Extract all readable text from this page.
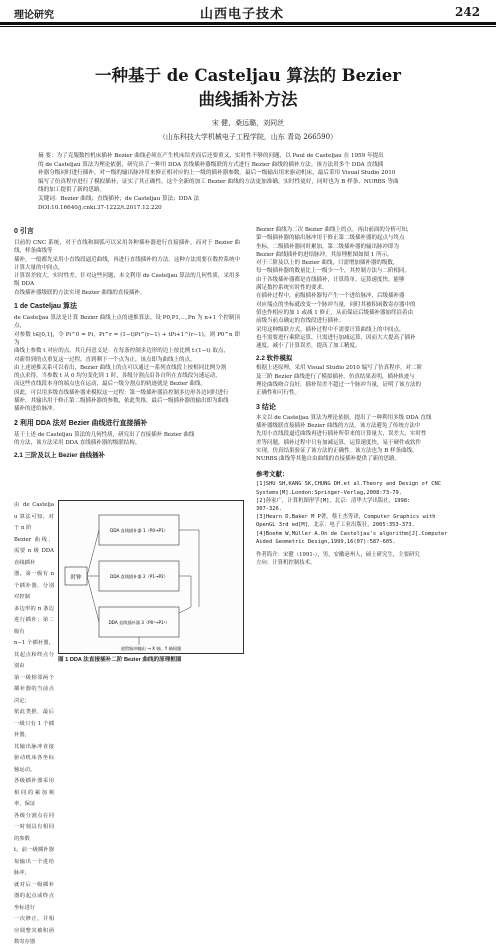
理论研究	山西电子技术	242
一种基于 de Casteljau 算法的 Bezier
曲线插补方法
宋 健，桑远璐，刘同丝
（山东科技大学机械电子工程学院，山东 青岛 266590）
摘 要：为了克服数控机床插补 Bezier 曲线必须在产生机床误差而后还要重又，实时性不够的问题，以 Paul de Casteljau 在 1959 年提出
的 de Casteljau 算法为理论依据，研究出了一种用 DDA 直线插补器级联的方式进行 Bezier 曲线的插补方法。该方法用多个 DDA 直线插
补器分级同时进行插补，对一级的输出脉冲用来修正相对应的上一级的插补器参数。最后一级输出用来驱动机床，最后采用 Visual Studio 2010
编写了仿真程序进行了模拟插补，证实了其正确性。这个全新的加工 Bezier 曲线的方法更加准确、实时性更好，同时也为 B 样条、NURBS 等曲
线的加工提供了新的思路。
关键词：Bezier 曲线；直线插补；de Casteljau 算法；DDA 法
DOI:10.16640/j.cnki.37-1222/t.2017.12.220
0 引言
目前的 CNC 系统，对于直线和圆弧可以采用各种插补器进行直接插补，而对于 Bezier 曲线、样条曲线等
插补，一般都先采用小直线段逼近曲线，再进行直线插补的方法。这种方法需要在数控系统中计算大量的中间点，
计算误差较大，实时性差。针对这些问题，本文利用 de Casteljau 算法的几何性质，采用多级 DDA
直线插补器级联的方法实现 Bezier 曲线的直接插补。
1 de Casteljau 算法
de Casteljau 算法是计算 Bezier 曲线上点的递推算法。设 P0,P1,…,Pn 为 n+1 个控制顶点，
对参数 t∈[0,1]，令 Pi^0 = Pi，Pi^r = (1−t)Pi^(r−1) + tPi+1^(r−1)，则 P0^n 即为
曲线上参数 t 对应的点。其几何意义是：在每条控制多边形的边上按比例 t:(1−t) 取点，
对新得到的点重复这一过程，直到剩下一个点为止，该点即为曲线上的点。
由上述递推关系可以看出，Bezier 曲线上的点可以通过一系列直线段上按相同比例分割
的点求得。当参数 t 从 0 均匀变化到 1 时，各级分割点沿各自所在直线段匀速运动，
而这些直线段本身的端点也在运动，最后一级分割点的轨迹就是 Bezier 曲线。
因此，可以用多级直线插补器来模拟这一过程：第一级插补器沿控制多边形各边同时进行
插补，其输出用于修正第二级插补器的参数，依此类推，最后一级插补器的输出即为曲线
插补的进给脉冲。
2 利用 DDA 法对 Bezier 曲线进行直接插补
基于上述 de Casteljau 算法的几何性质，研究出了直接插补 Bezier 曲线
的方法，该方法采用 DDA 直线插补器的级联结构。
2.1 三阶及以上 Bezier 曲线插补
由 de Casteljau 算法可知，对于 n 阶
Bezier 曲线，需要 n 级 DDA 直线插补
器。第一级有 n 个插补器，分别对控制
多边形的 n 条边进行插补；第二级有
n−1 个插补器，其起点和终点分别由
第一级相邻两个插补器的当前点决定；
依此类推，最后一级只有 1 个插补器，
其输出脉冲直接驱动机床各坐标轴运动。
各级插补器采用相同的累加频率，保证
各级分割点在同一时刻具有相同的参数
t。前一级插补器每输出一个进给脉冲，
就对后一级插补器的起点或终点坐标进行
一次修正，并相应调整其被积函数寄存器
时钟
DDA 直线插补器 1（P0→P1）
DDA 直线插补器 2（P1→P2）
DDA 直线插补器 3（P0¹→P1¹）
进给脉冲输出 → X 轴、Y 轴伺服
图 1 DDA 法直接插补二阶 Bezier 曲线的原理框图
Bezier 曲线为二次 Bezier 曲线上的点。再由前面的分析可知，
第一级插补器的输出脉冲用于修正第二级插补器的起点与终点
坐标，二级插补器同时累加，第二级插补器的输出脉冲即为
Bezier 曲线插补的进给脉冲，其原理框图如图 1 所示。
对于三阶及以上的 Bezier 曲线，只需增加插补器的级数，
每一级插补器的数量比上一级少一个，其控制方法与二阶相同。
由于各级插补器都是直线插补，计算简单，运算速度快，能够
满足数控系统实时性的要求。
在插补过程中，前级插补器每产生一个进给脉冲，后级插补器
对应端点的坐标就改变一个脉冲当量，同时其被积函数寄存器中的
值也作相应的加 1 或减 1 修正，从而保证后级插补器始终沿着由
前级当前点确定的直线段进行插补。
采用这种级联方式，插补过程中不需要计算曲线上的中间点，
也不需要进行乘除运算，只需进行加减运算，因而大大提高了插补
速度，减小了计算误差，提高了加工精度。
2.2 软件模拟
根据上述原理，采用 Visual Studio 2010 编写了仿真程序，对二阶
及三阶 Bezier 曲线进行了模拟插补。仿真结果表明，插补轨迹与
理论曲线吻合良好，插补误差不超过一个脉冲当量，证明了该方法的
正确性和可行性。
3 结论
本文以 de Casteljau 算法为理论依据，提出了一种利用多级 DDA 直线
插补器级联直接插补 Bezier 曲线的方法。该方法避免了传统方法中
先用小直线段逼近曲线再进行插补所带来的计算量大、误差大、实时性
差等问题，插补过程中只有加减运算，运算速度快，易于硬件或软件
实现。仿真结果验证了该方法的正确性。该方法也为 B 样条曲线、
NURBS 曲线等其他自由曲线的直接插补提供了新的思路。
参考文献：
[1]SHU SH,KANG SK,CHUNG DH.et al.Theory and Design of CNC
Systems[M].London:Springer-Verlag,2008:73-79.
[2]孙家广，计算机图形学[M]，北京：清华大学出版社，1998:
307-326.
[3]Hearn D,Baker M P著，蔡士杰等译，Computer Graphics with
OpenGL 3rd ed[M]，北京：电子工业出版社，2005:353-373.
[4]Boehm W,Müller A.On de Casteljau's algorithm[J].Computer
Aided Geometric Design,1999,16(07):587-605.
作者简介：宋健（1991-），男，安徽亳州人，硕士研究生，主要研究
方向：计算机控制技术。
